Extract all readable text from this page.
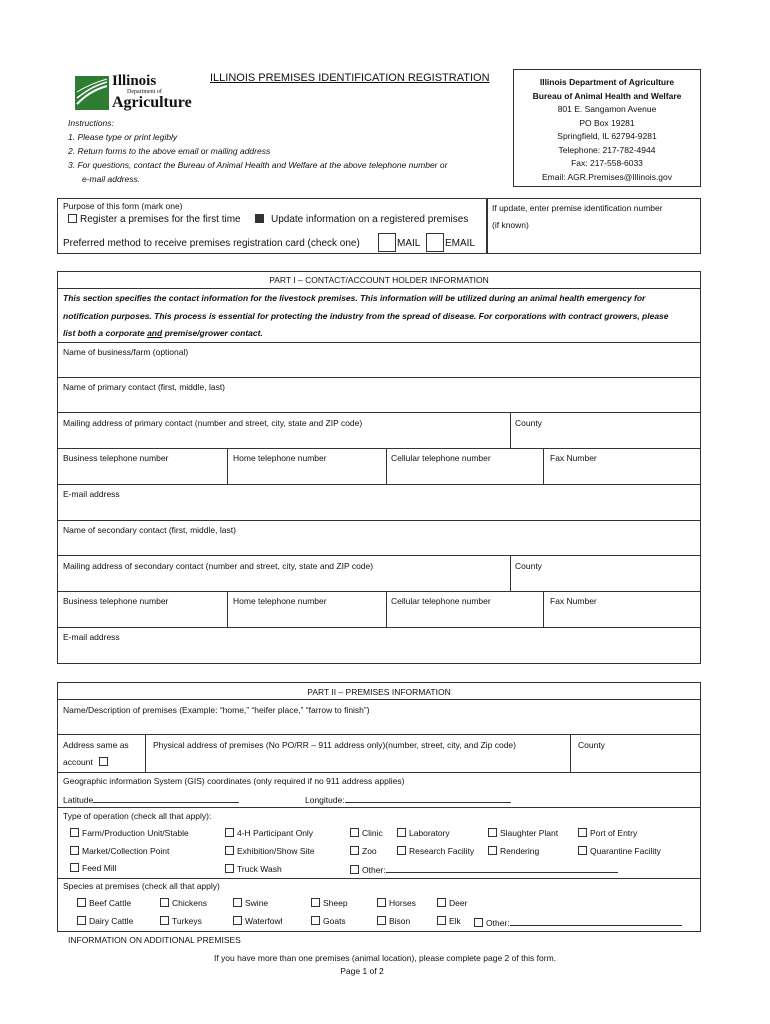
Illinois
Department of
Agriculture
ILLINOIS PREMISES IDENTIFICATION REGISTRATION
Instructions:
1. Please type or print legibly
2. Return forms to the above email or mailing address
3. For questions, contact the Bureau of Animal Health and Welfare at the above telephone number or
e-mail address.
Illinois Department of Agriculture
Bureau of Animal Health and Welfare
801 E. Sangamon Avenue
PO Box 19281
Springfield, IL 62794-9281
Telephone: 217-782-4944
Fax: 217-558-6033
Email: AGR.Premises@Illinois.gov
Purpose of this form (mark one)	If update, enter premise identification number
(if known)
Register a premises for the first time	Update information on a registered premises
Preferred method to receive premises registration card (check one)	MAIL EMAIL
PART I – CONTACT/ACCOUNT HOLDER INFORMATION
This section specifies the contact information for the livestock premises. This information will be utilized during an animal health emergency for
notification purposes. This process is essential for protecting the industry from the spread of disease. For corporations with contract growers, please
list both a corporate and premise/grower contact.
Name of business/farm (optional)
Name of primary contact (first, middle, last)
Mailing address of primary contact (number and street, city, state and ZIP code)	County
Business telephone number	Home telephone number	Cellular telephone number	Fax Number
E-mail address
Name of secondary contact (first, middle, last)
Mailing address of secondary contact (number and street, city, state and ZIP code)	County
Business telephone number	Home telephone number	Cellular telephone number	Fax Number
E-mail address
PART II – PREMISES INFORMATION
Name/Description of premises (Example: “home,” “heifer place,” “farrow to finish”)
Address same as
account
Physical address of premises (No PO/RR – 911 address only)(number, street, city, and Zip code)	County
Geographic information System (GIS) coordinates (only required if no 911 address applies)
Latitude	Longitude:
Type of operation (check all that apply):
Farm/Production Unit/Stable	4-H Participant Only	Clinic	Laboratory	Slaughter Plant	Port of Entry
Market/Collection Point	Exhibition/Show Site	Zoo	Research Facility	Rendering	Quarantine Facility
Feed Mill	Truck Wash	Other:
Species at premises (check all that apply)
Beef Cattle	Chickens	Swine	Sheep	Horses	Deer
Dairy Cattle	Turkeys	Waterfowl	Goats	Bison	Elk	Other:
INFORMATION ON ADDITIONAL PREMISES
If you have more than one premises (animal location), please complete page 2 of this form.
Page 1 of 2
